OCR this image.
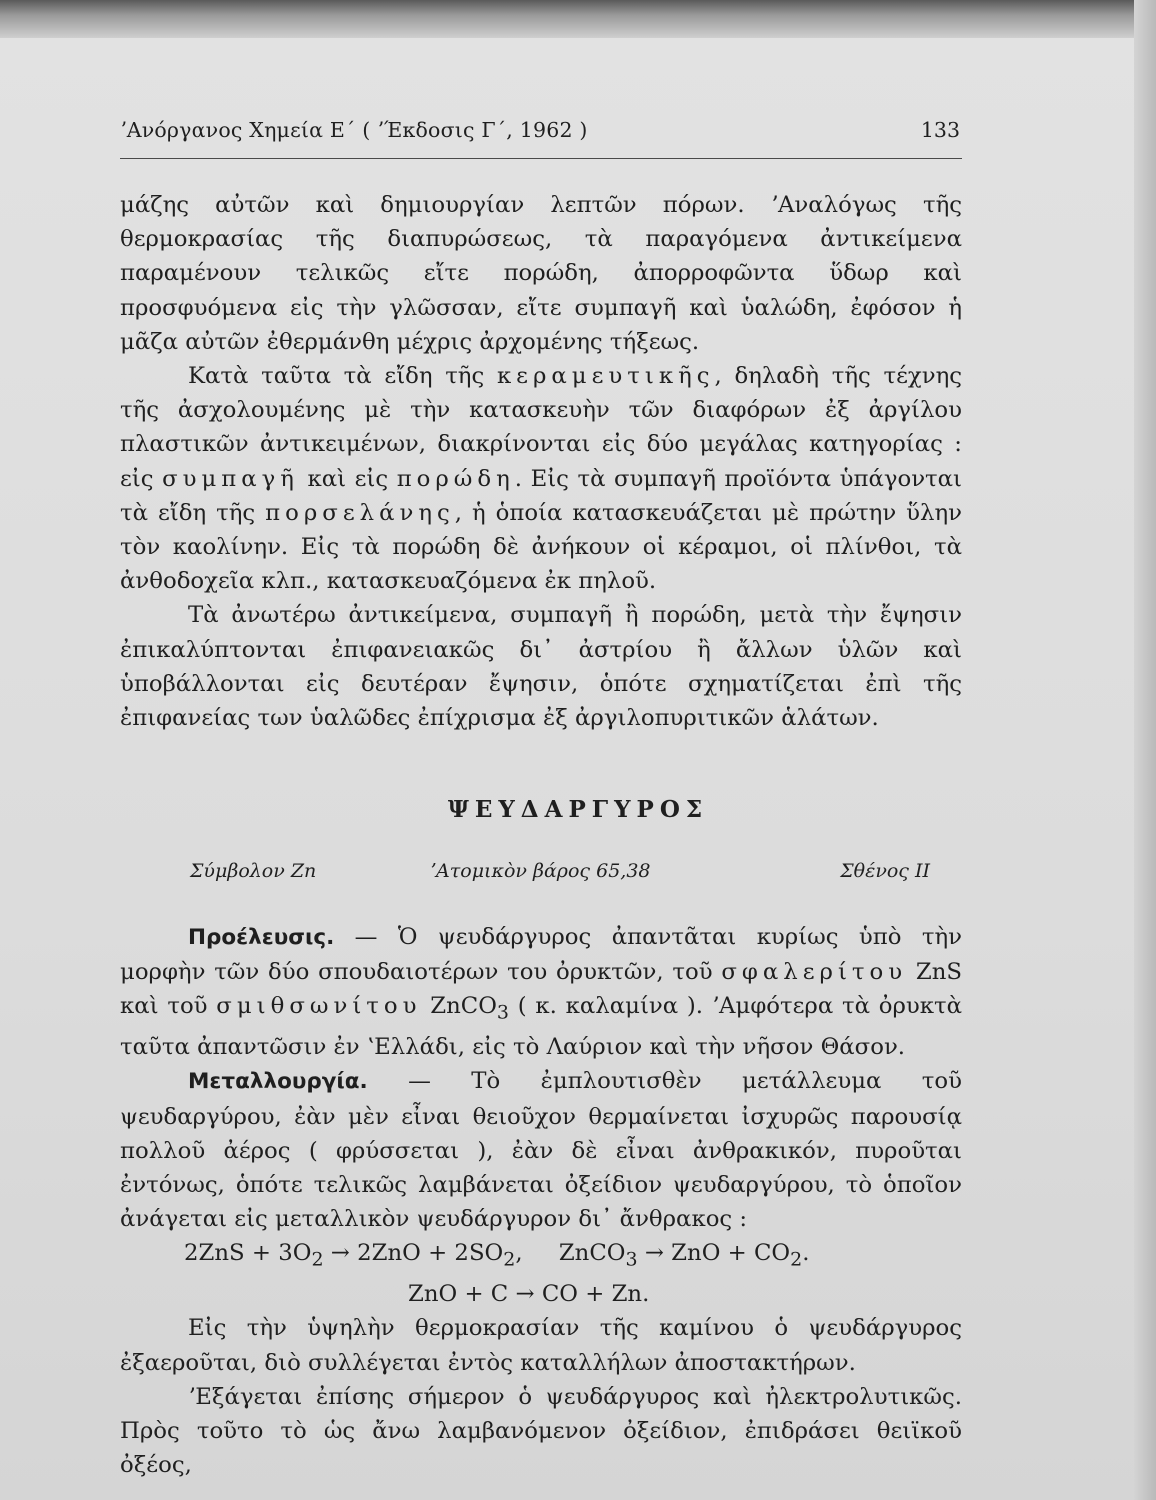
ʼΑνόργανος Χημεία Ε΄ ( ʼΈκδοσις Γ΄, 1962 )	133

μάζης αὐτῶν καὶ δημιουργίαν λεπτῶν πόρων. ʼΑναλόγως τῆς θερμοκρασίας τῆς διαπυρώσεως, τὰ παραγόμενα ἀντικείμενα παραμένουν τελικῶς εἴτε πορώδη, ἀπορροφῶντα ὕδωρ καὶ προσφυόμενα εἰς τὴν γλῶσσαν, εἴτε συμπαγῆ καὶ ὑαλώδη, ἐφόσον ἡ μᾶζα αὐτῶν ἐθερμάνθη μέχρις ἀρχομένης τήξεως.

Κατὰ ταῦτα τὰ εἴδη τῆς κεραμευτικῆς, δηλαδὴ τῆς τέχνης τῆς ἀσχολουμένης μὲ τὴν κατασκευὴν τῶν διαφόρων ἐξ ἀργίλου πλαστικῶν ἀντικειμένων, διακρίνονται εἰς δύο μεγάλας κατηγορίας : εἰς συμπαγῆ καὶ εἰς πορώδη. Εἰς τὰ συμπαγῆ προϊόντα ὑπάγονται τὰ εἴδη τῆς πορσελάνης, ἡ ὁποία κατασκευάζεται μὲ πρώτην ὕλην τὸν καολίνην. Εἰς τὰ πορώδη δὲ ἀνήκουν οἱ κέραμοι, οἱ πλίνθοι, τὰ ἀνθοδοχεῖα κλπ., κατασκευαζόμενα ἐκ πηλοῦ.

Τὰ ἀνωτέρω ἀντικείμενα, συμπαγῆ ἢ πορώδη, μετὰ τὴν ἔψησιν ἐπικαλύπτονται ἐπιφανειακῶς δι᾿ ἀστρίου ἢ ἄλλων ὑλῶν καὶ ὑποβάλλονται εἰς δευτέραν ἔψησιν, ὁπότε σχηματίζεται ἐπὶ τῆς ἐπιφανείας των ὑαλῶδες ἐπίχρισμα ἐξ ἀργιλοπυριτικῶν ἁλάτων.

ΨΕΥΔΑΡΓΥΡΟΣ
Σύμβολον Zn	ʼΑτομικὸν βάρος 65,38	Σθένος II

Προέλευσις. — Ὁ ψευδάργυρος ἀπαντᾶται κυρίως ὑπὸ τὴν μορφὴν τῶν δύο σπουδαιοτέρων του ὀρυκτῶν, τοῦ σφαλερίτου ZnS καὶ τοῦ σμιθσωνίτου ZnCO$_3$ ( κ. καλαμίνα ). ʼΑμφότερα τὰ ὀρυκτὰ ταῦτα ἀπαντῶσιν ἐν ʽΕλλάδι, εἰς τὸ Λαύριον καὶ τὴν νῆσον Θάσον.

Μεταλλουργία. — Τὸ ἐμπλουτισθὲν μετάλλευμα τοῦ ψευδαργύρου, ἐὰν μὲν εἶναι θειοῦχον θερμαίνεται ἰσχυρῶς παρουσίᾳ πολλοῦ ἀέρος ( φρύσσεται ), ἐὰν δὲ εἶναι ἀνθρακικόν, πυροῦται ἐντόνως, ὁπότε τελικῶς λαμβάνεται ὀξείδιον ψευδαργύρου, τὸ ὁποῖον ἀνάγεται εἰς μεταλλικὸν ψευδάργυρον δι᾿ ἄνθρακος :

$2ZnS + 3O_2 \to 2ZnO + 2SO_2$,     ZnCO$_3$ → ZnO + $CO_2$.

ZnO + C → CO + Zn.

Εἰς τὴν ὑψηλὴν θερμοκρασίαν τῆς καμίνου ὁ ψευδάργυρος ἐξαεροῦται, διὸ συλλέγεται ἐντὸς καταλλήλων ἀποστακτήρων.

ʼΕξάγεται ἐπίσης σήμερον ὁ ψευδάργυρος καὶ ἠλεκτρολυτικῶς. Πρὸς τοῦτο τὸ ὡς ἄνω λαμβανόμενον ὀξείδιον, ἐπιδράσει θειϊκοῦ ὀξέος,
